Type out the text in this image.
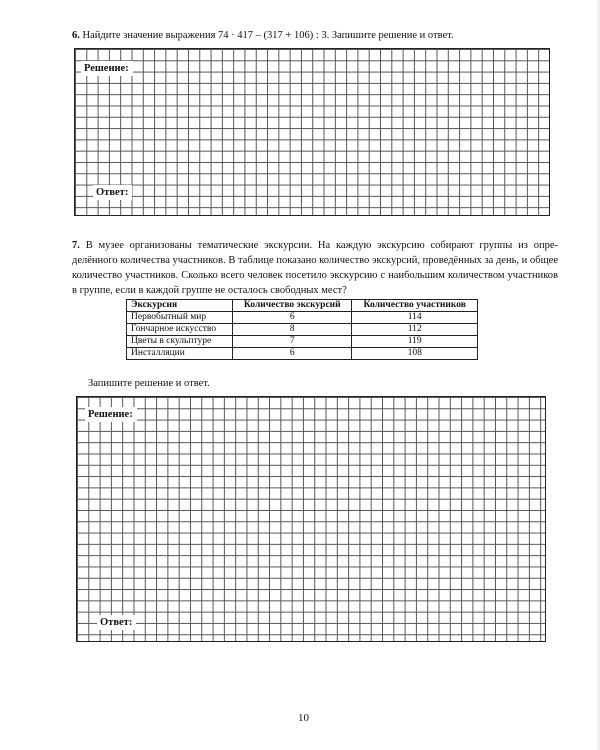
6. Найдите значение выражения 74 · 417 – (317 + 106) : 3. Запишите решение и ответ.
Решение:
Ответ:
7. В музее организованы тематические экскурсии. На каждую экскурсию собирают группы из опре-делённого количества участников. В таблице показано количество экскурсий, проведённых за день, и общее количество участников. Сколько всего человек посетило экскурсию с наибольшим количеством участников в группе, если в каждой группе не осталось свободных мест?
Экскурсия	Количество экскурсий	Количество участников
Первобытный мир	6	114
Гончарное искусство	8	112
Цветы в скульптуре	7	119
Инсталляции	6	108
Запишите решение и ответ.
Решение:
Ответ:
10
